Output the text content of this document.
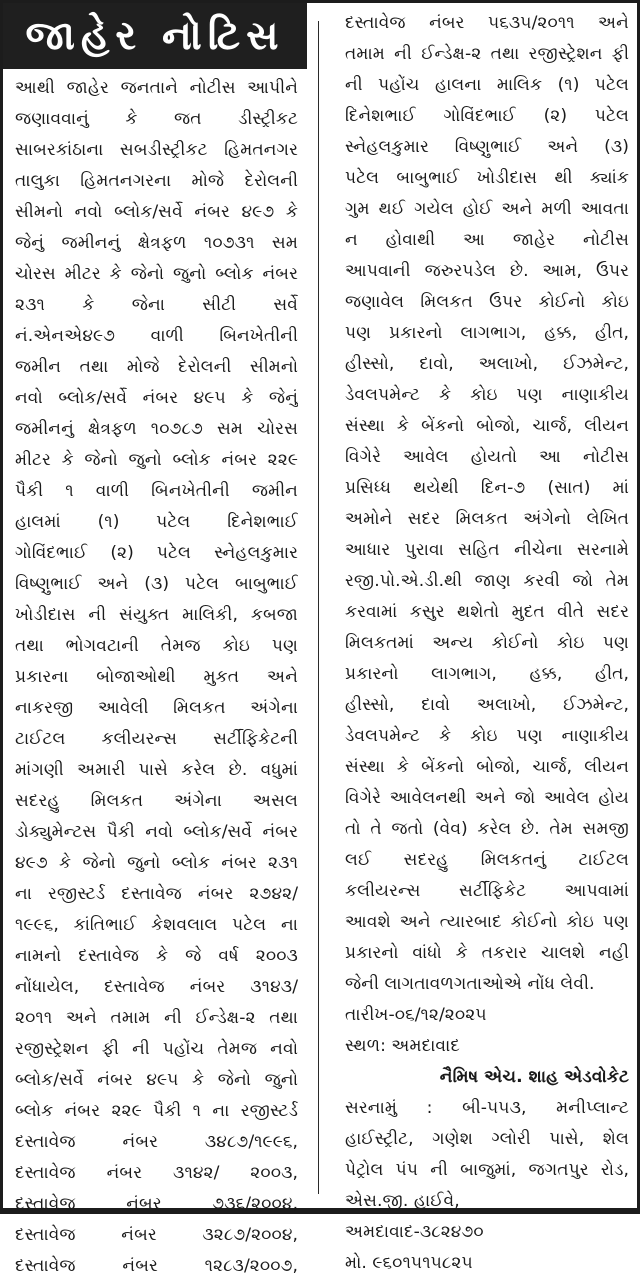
જાહેર નોટિસ
આથી જાહેર જનતાને નોટીસ આપીને
જણાવવાનું કે જત ડીસ્ટ્રીકટ
સાબરકાંઠાના સબડીસ્ટ્રીકટ હિમતનગર
તાલુકા હિમતનગરના મોજે દેરોલની
સીમનો નવો બ્લોક/સર્વે નંબર ૪૯૭ કે
જેનું જમીનનું ક્ષેત્રફળ ૧૦૭૩૧ સમ
ચોરસ મીટર કે જેનો જુનો બ્લોક નંબર
૨૩૧ કે જેના સીટી સર્વે
નં.એનએ૪૯૭ વાળી બિનખેતીની
જમીન તથા મોજે દેરોલની સીમનો
નવો બ્લોક/સર્વે નંબર ૪૯૫ કે જેનું
જમીનનું ક્ષેત્રફળ ૧૦૭૮૭ સમ ચોરસ
મીટર કે જેનો જુનો બ્લોક નંબર ૨૨૯
પૈકી ૧ વાળી બિનખેતીની જમીન
હાલમાં (૧) પટેલ દિનેશભાઈ
ગોવિંદભાઈ (૨) પટેલ સ્નેહલકુમાર
વિષ્ણુભાઈ અને (૩) પટેલ બાબુભાઈ
ખોડીદાસ ની સંયુક્ત માલિકી, કબજા
તથા ભોગવટાની તેમજ કોઇ પણ
પ્રકારના બોજાઓથી મુકત અને
નાકરજી આવેલી મિલકત અંગેના
ટાઈટલ કલીયરન્સ સર્ટીફિકેટની
માંગણી અમારી પાસે કરેલ છે. વધુમાં
સદરહુ મિલકત અંગેના અસલ
ડોક્યુમેન્ટસ પૈકી નવો બ્લોક/સર્વે નંબર
૪૯૭ કે જેનો જુનો બ્લોક નંબર ૨૩૧
ના રજીસ્ટર્ડ દસ્તાવેજ નંબર ૨૭૪૨/
૧૯૯૬, કાંતિભાઈ કેશવલાલ પટેલ ના
નામનો દસ્તાવેજ કે જે વર્ષ ૨૦૦૩
નોંધાયેલ, દસ્તાવેજ નંબર ૩૧૪૩/
૨૦૧૧ અને તમામ ની ઈન્ડેક્ષ-૨ તથા
રજીસ્ટ્રેશન ફી ની પહોંચ તેમજ નવો
બ્લોક/સર્વે નંબર ૪૯૫ કે જેનો જુનો
બ્લોક નંબર ૨૨૯ પૈકી ૧ ના રજીસ્ટર્ડ
દસ્તાવેજ નંબર ૩૪૮૭/૧૯૯૬,
દસ્તાવેજ નંબર ૩૧૪૨/ ૨૦૦૩,
દસ્તાવેજ નંબર ૭૩૬/૨૦૦૪,
દસ્તાવેજ નંબર ૩૨૮૭/૨૦૦૪,
દસ્તાવેજ નંબર ૧૨૮૩/૨૦૦૭,
દસ્તાવેજ નંબર ૫૬૩૫/૨૦૧૧ અને
તમામ ની ઈન્ડેક્ષ-૨ તથા રજીસ્ટ્રેશન ફી
ની પહોંચ હાલના માલિક (૧) પટેલ
દિનેશભાઈ ગોવિંદભાઈ (૨) પટેલ
સ્નેહલકુમાર વિષ્ણુભાઈ અને (૩)
પટેલ બાબુભાઈ ખોડીદાસ થી ક્યાંક
ગુમ થઈ ગયેલ હોઈ અને મળી આવતા
ન હોવાથી આ જાહેર નોટીસ
આપવાની જરુરપડેલ છે. આમ, ઉપર
જણાવેલ મિલકત ઉપર કોઈનો કોઇ
પણ પ્રકારનો લાગભાગ, હક્ક, હીત,
હીસ્સો, દાવો, અલાખો, ઈઝમેન્ટ,
ડેવલપમેન્ટ કે કોઇ પણ નાણાકીય
સંસ્થા કે બેંકનો બોજો, ચાર્જ, લીયન
વિગેરે આવેલ હોયતો આ નોટીસ
પ્રસિધ્ધ થયેથી દિન-૭ (સાત) માં
અમોને સદર મિલકત અંગેનો લેખિત
આધાર પુરાવા સહિત નીચેના સરનામે
રજી.પો.એ.ડી.થી જાણ કરવી જો તેમ
કરવામાં કસુર થશેતો મુદત વીતે સદર
મિલકતમાં અન્ય કોઈનો કોઇ પણ
પ્રકારનો લાગભાગ, હક્ક, હીત,
હીસ્સો, દાવો અલાખો, ઈઝમેન્ટ,
ડેવલપમેન્ટ કે કોઇ પણ નાણાકીય
સંસ્થા કે બેંકનો બોજો, ચાર્જ, લીયન
વિગેરે આવેલનથી અને જો આવેલ હોય
તો તે જતો (વેવ) કરેલ છે. તેમ સમજી
લઈ સદરહુ મિલકતનું ટાઈટલ
કલીયરન્સ સર્ટીફિકેટ આપવામાં
આવશે અને ત્યારબાદ કોઈનો કોઇ પણ
પ્રકારનો વાંધો કે તકરાર ચાલશે નહી
જેની લાગતાવળગતાઓએ નોંધ લેવી.
તારીખ-૦૬/૧૨/૨૦૨૫
સ્થળ: અમદાવાદ
નૈમિષ એચ. શાહ એડવોકેટ
સરનામું : બી-૫૫૩, મનીપ્લાન્ટ
હાઈસ્ટ્રીટ, ગણેશ ગ્લોરી પાસે, શેલ
પેટ્રોલ પંપ ની બાજુમાં, જગતપુર રોડ,
એસ.જી. હાઈવે,
અમદાવાદ-૩૮૨૪૭૦
મો. ૯૬૦૧૫૧૫૮૨૫
